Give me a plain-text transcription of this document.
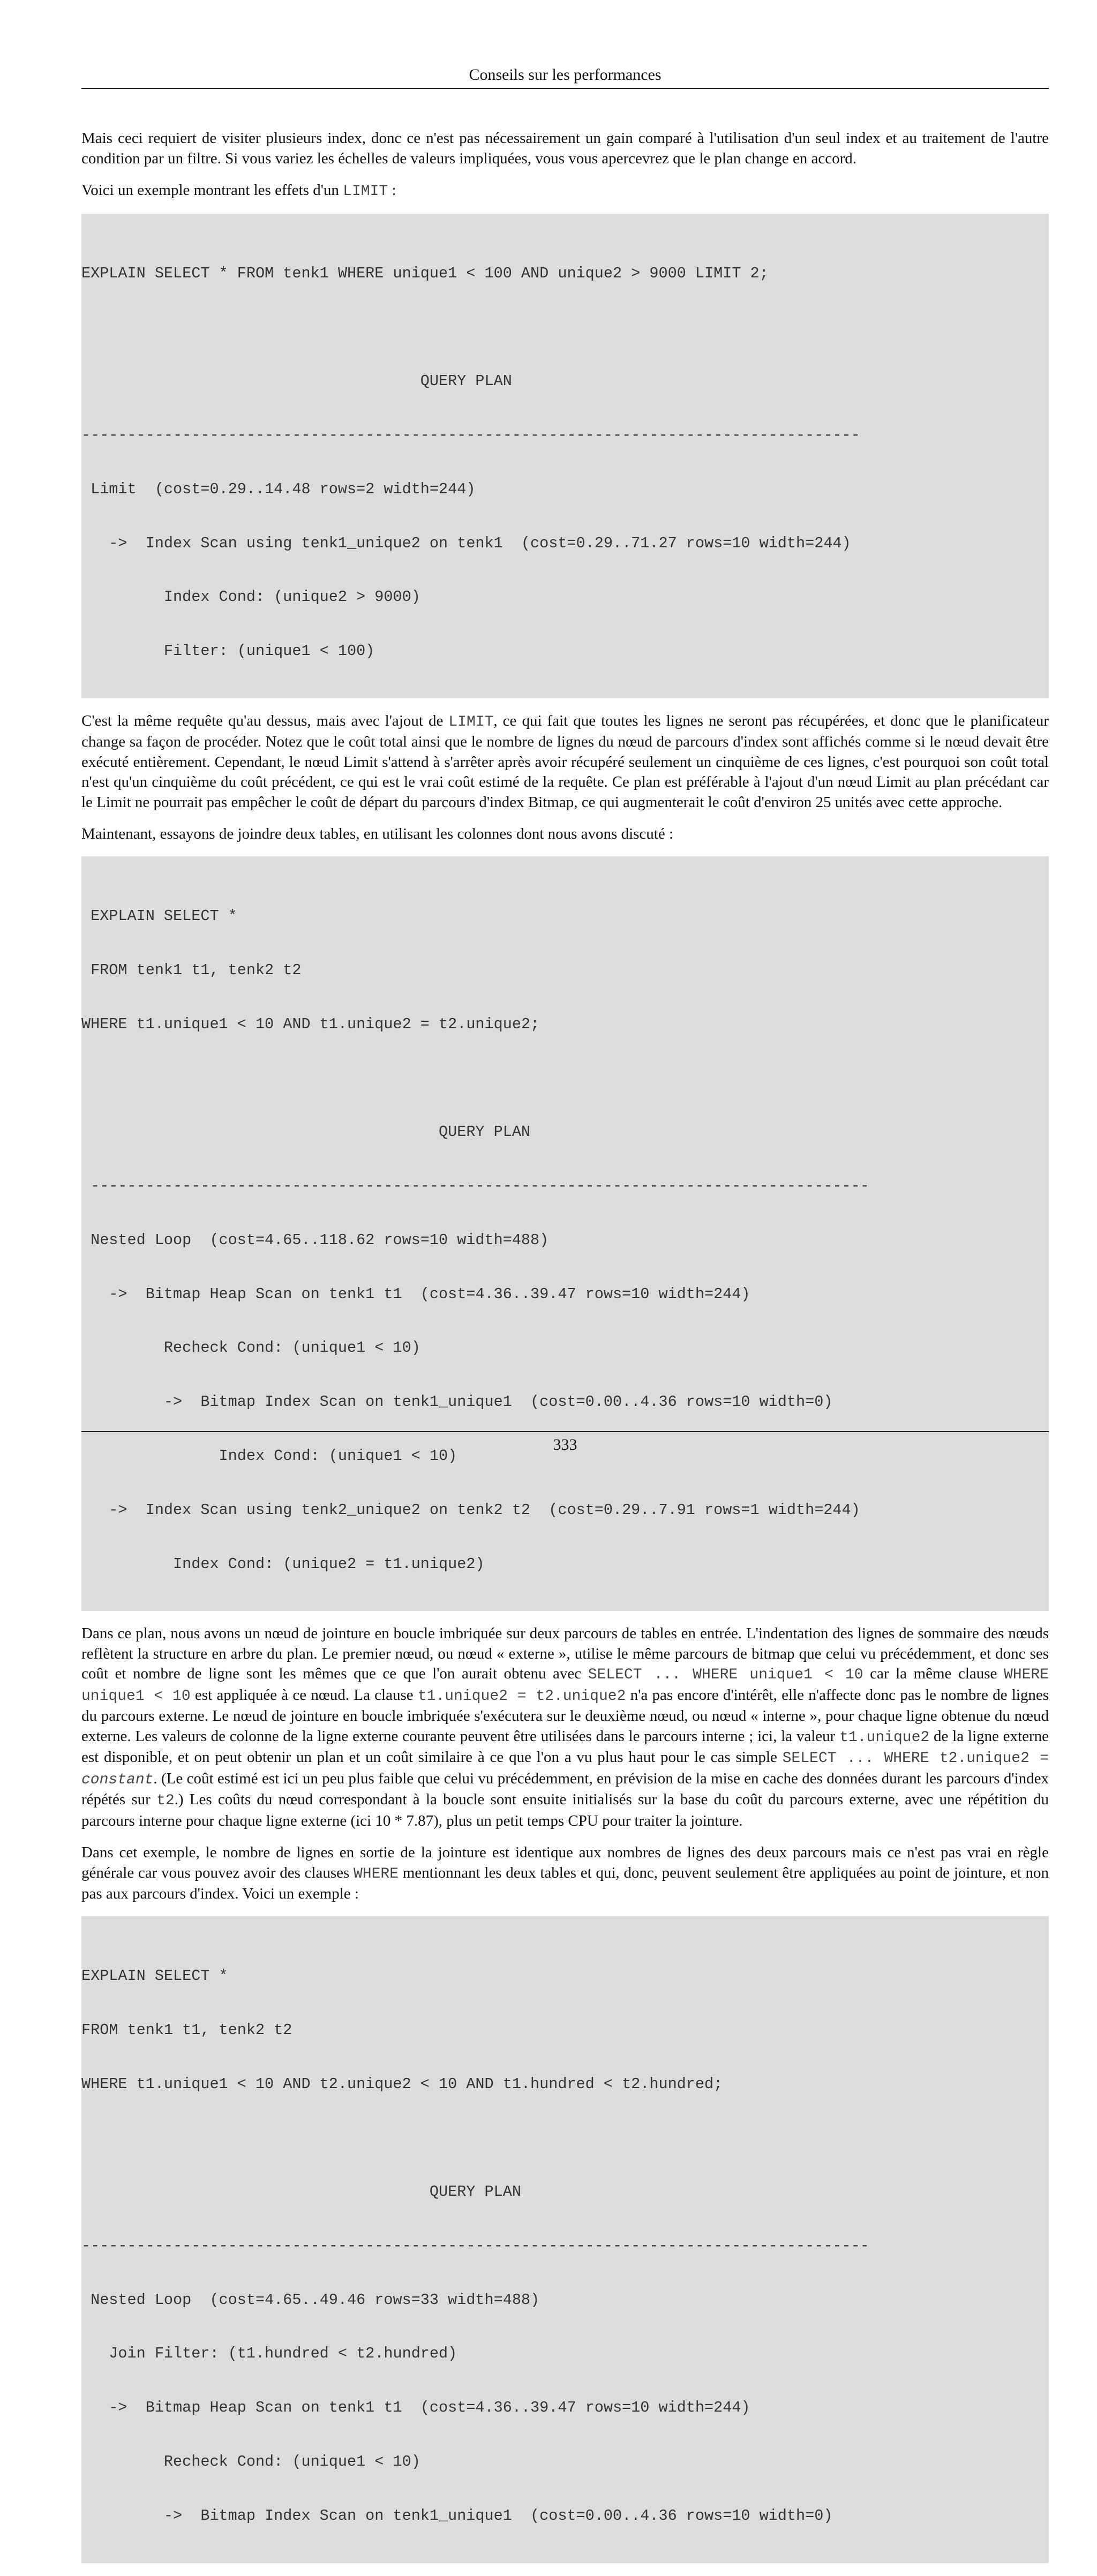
Conseils sur les performances

Mais ceci requiert de visiter plusieurs index, donc ce n'est pas nécessairement un gain comparé à l'utilisation d'un seul index et au traitement de l'autre condition par un filtre. Si vous variez les échelles de valeurs impliquées, vous vous apercevrez que le plan change en accord.

Voici un exemple montrant les effets d'un LIMIT :

EXPLAIN SELECT * FROM tenk1 WHERE unique1 < 100 AND unique2 > 9000 LIMIT 2;

QUERY PLAN

-------------------------------------------------------------------------------------

Limit  (cost=0.29..14.48 rows=2 width=244)

->  Index Scan using tenk1_unique2 on tenk1  (cost=0.29..71.27 rows=10 width=244)

Index Cond: (unique2 > 9000)

Filter: (unique1 < 100)

C'est la même requête qu'au dessus, mais avec l'ajout de LIMIT, ce qui fait que toutes les lignes ne seront pas récupérées, et donc que le planificateur change sa façon de procéder. Notez que le coût total ainsi que le nombre de lignes du nœud de parcours d'index sont affichés comme si le nœud devait être exécuté entièrement. Cependant, le nœud Limit s'attend à s'arrêter après avoir récupéré seulement un cinquième de ces lignes, c'est pourquoi son coût total n'est qu'un cinquième du coût précédent, ce qui est le vrai coût estimé de la requête. Ce plan est préférable à l'ajout d'un nœud Limit au plan précédant car le Limit ne pourrait pas empêcher le coût de départ du parcours d'index Bitmap, ce qui augmenterait le coût d'environ 25 unités avec cette approche.

Maintenant, essayons de joindre deux tables, en utilisant les colonnes dont nous avons discuté :

EXPLAIN SELECT *

FROM tenk1 t1, tenk2 t2

WHERE t1.unique1 < 10 AND t1.unique2 = t2.unique2;

QUERY PLAN

-------------------------------------------------------------------------------------

Nested Loop  (cost=4.65..118.62 rows=10 width=488)

->  Bitmap Heap Scan on tenk1 t1  (cost=4.36..39.47 rows=10 width=244)

Recheck Cond: (unique1 < 10)

->  Bitmap Index Scan on tenk1_unique1  (cost=0.00..4.36 rows=10 width=0)

Index Cond: (unique1 < 10)

->  Index Scan using tenk2_unique2 on tenk2 t2  (cost=0.29..7.91 rows=1 width=244)

Index Cond: (unique2 = t1.unique2)

Dans ce plan, nous avons un nœud de jointure en boucle imbriquée sur deux parcours de tables en entrée. L'indentation des lignes de sommaire des nœuds reflètent la structure en arbre du plan. Le premier nœud, ou nœud « externe », utilise le même parcours de bitmap que celui vu précédemment, et donc ses coût et nombre de ligne sont les mêmes que ce que l'on aurait obtenu avec SELECT ... WHERE unique1 < 10 car la même clause WHERE unique1 < 10 est appliquée à ce nœud. La clause t1.unique2 = t2.unique2 n'a pas encore d'intérêt, elle n'affecte donc pas le nombre de lignes du parcours externe. Le nœud de jointure en boucle imbriquée s'exécutera sur le deuxième nœud, ou nœud « interne », pour chaque ligne obtenue du nœud externe. Les valeurs de colonne de la ligne externe courante peuvent être utilisées dans le parcours interne ; ici, la valeur t1.unique2 de la ligne externe est disponible, et on peut obtenir un plan et un coût similaire à ce que l'on a vu plus haut pour le cas simple SELECT ... WHERE t2.unique2 = constant. (Le coût estimé est ici un peu plus faible que celui vu précédemment, en prévision de la mise en cache des données durant les parcours d'index répétés sur t2.) Les coûts du nœud correspondant à la boucle sont ensuite initialisés sur la base du coût du parcours externe, avec une répétition du parcours interne pour chaque ligne externe (ici 10 * 7.87), plus un petit temps CPU pour traiter la jointure.

Dans cet exemple, le nombre de lignes en sortie de la jointure est identique aux nombres de lignes des deux parcours mais ce n'est pas vrai en règle générale car vous pouvez avoir des clauses WHERE mentionnant les deux tables et qui, donc, peuvent seulement être appliquées au point de jointure, et non pas aux parcours d'index. Voici un exemple :

EXPLAIN SELECT *

FROM tenk1 t1, tenk2 t2

WHERE t1.unique1 < 10 AND t2.unique2 < 10 AND t1.hundred < t2.hundred;

QUERY PLAN

--------------------------------------------------------------------------------------

Nested Loop  (cost=4.65..49.46 rows=33 width=488)

Join Filter: (t1.hundred < t2.hundred)

->  Bitmap Heap Scan on tenk1 t1  (cost=4.36..39.47 rows=10 width=244)

Recheck Cond: (unique1 < 10)

->  Bitmap Index Scan on tenk1_unique1  (cost=0.00..4.36 rows=10 width=0)

333
